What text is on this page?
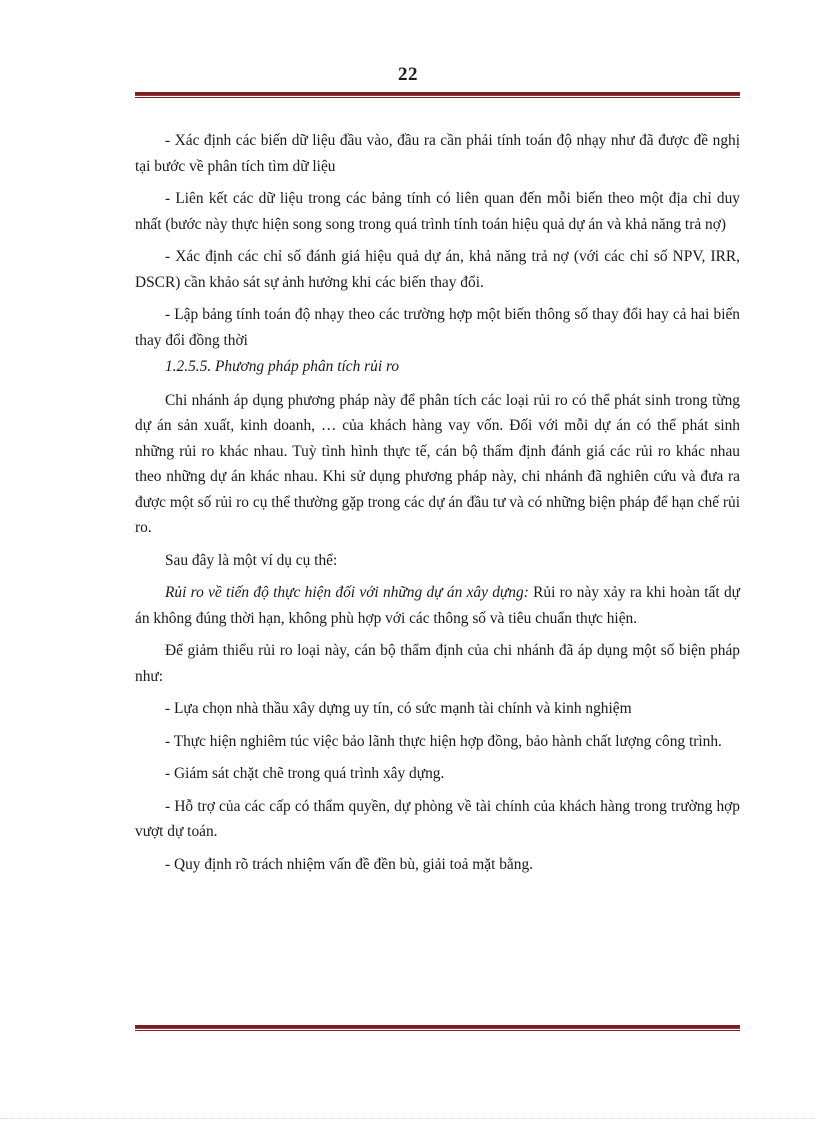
22

- Xác định các biến dữ liệu đầu vào, đầu ra cần phải tính toán độ nhạy như đã được đề nghị tại bước về phân tích tìm dữ liệu

- Liên kết các dữ liệu trong các bảng tính có liên quan đến mỗi biến theo một địa chỉ duy nhất (bước này thực hiện song song trong quá trình tính toán hiệu quả dự án và khả năng trả nợ)

- Xác định các chỉ số đánh giá hiệu quả dự án, khả năng trả nợ (với các chỉ số NPV, IRR, DSCR) cần khảo sát sự ảnh hưởng khi các biến thay đổi.

- Lập bảng tính toán độ nhạy theo các trường hợp một biến thông số thay đổi hay cả hai biến thay đổi đồng thời

1.2.5.5. Phương pháp phân tích rủi ro

Chi nhánh áp dụng phương pháp này để phân tích các loại rủi ro có thể phát sinh trong từng dự án sản xuất, kinh doanh, … của khách hàng vay vốn. Đối với mỗi dự án có thể phát sinh những rủi ro khác nhau. Tuỳ tình hình thực tế, cán bộ thẩm định đánh giá các rủi ro khác nhau theo những dự án khác nhau. Khi sử dụng phương pháp này, chi nhánh đã nghiên cứu và đưa ra được một số rủi ro cụ thể thường gặp trong các dự án đầu tư và có những biện pháp để hạn chế rủi ro.

Sau đây là một ví dụ cụ thể:

Rủi ro về tiến độ thực hiện đối với những dự án xây dựng: Rủi ro này xảy ra khi hoàn tất dự án không đúng thời hạn, không phù hợp với các thông số và tiêu chuẩn thực hiện.

Để giảm thiểu rủi ro loại này, cán bộ thẩm định của chi nhánh đã áp dụng một số biện pháp như:

- Lựa chọn nhà thầu xây dựng uy tín, có sức mạnh tài chính và kinh nghiệm

- Thực hiện nghiêm túc việc bảo lãnh thực hiện hợp đồng, bảo hành chất lượng công trình.

- Giám sát chặt chẽ trong quá trình xây dựng.

- Hỗ trợ của các cấp có thẩm quyền, dự phòng về tài chính của khách hàng trong trường hợp vượt dự toán.

- Quy định rõ trách nhiệm vấn đề đền bù, giải toả mặt bằng.
